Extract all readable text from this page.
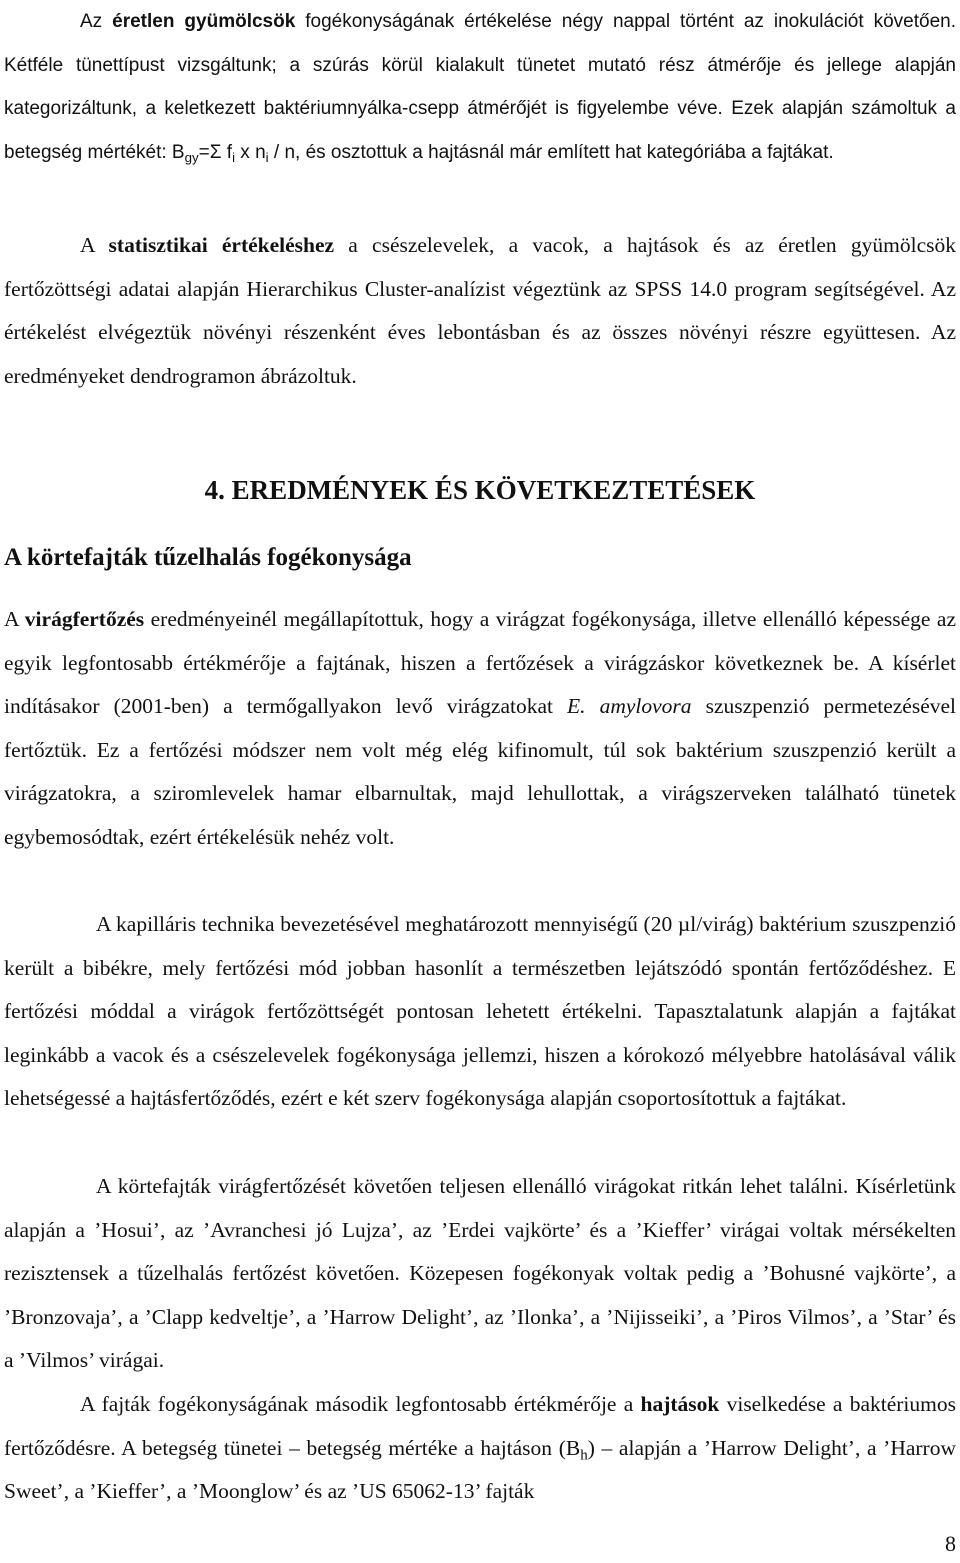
Az éretlen gyümölcsök fogékonyságának értékelése négy nappal történt az inokulációt követően. Kétféle tünettípust vizsgáltunk; a szúrás körül kialakult tünetet mutató rész átmérője és jellege alapján kategorizáltunk, a keletkezett baktériumnyálka-csepp átmérőjét is figyelembe véve. Ezek alapján számoltuk a betegség mértékét: $B_{gy}=\Sigma$ $f_i$ x $n_i$ / n, és osztottuk a hajtásnál már említett hat kategóriába a fajtákat.

A statisztikai értékeléshez a csészelevelek, a vacok, a hajtások és az éretlen gyümölcsök fertőzöttségi adatai alapján Hierarchikus Cluster-analízist végeztünk az SPSS 14.0 program segítségével. Az értékelést elvégeztük növényi részenként éves lebontásban és az összes növényi részre együttesen. Az eredményeket dendrogramon ábrázoltuk.

4. EREDMÉNYEK ÉS KÖVETKEZTETÉSEK
A körtefajták tűzelhalás fogékonysága

A virágfertőzés eredményeinél megállapítottuk, hogy a virágzat fogékonysága, illetve ellenálló képessége az egyik legfontosabb értékmérője a fajtának, hiszen a fertőzések a virágzáskor következnek be. A kísérlet indításakor (2001-ben) a termőgallyakon levő virágzatokat E. amylovora szuszpenzió permetezésével fertőztük. Ez a fertőzési módszer nem volt még elég kifinomult, túl sok baktérium szuszpenzió került a virágzatokra, a sziromlevelek hamar elbarnultak, majd lehullottak, a virágszerveken található tünetek egybemosódtak, ezért értékelésük nehéz volt.

A kapilláris technika bevezetésével meghatározott mennyiségű (20 µl/virág) baktérium szuszpenzió került a bibékre, mely fertőzési mód jobban hasonlít a természetben lejátszódó spontán fertőződéshez. E fertőzési móddal a virágok fertőzöttségét pontosan lehetett értékelni. Tapasztalatunk alapján a fajtákat leginkább a vacok és a csészelevelek fogékonysága jellemzi, hiszen a kórokozó mélyebbre hatolásával válik lehetségessé a hajtásfertőződés, ezért e két szerv fogékonysága alapján csoportosítottuk a fajtákat.

A körtefajták virágfertőzését követően teljesen ellenálló virágokat ritkán lehet találni. Kísérletünk alapján a ’Hosui’, az ’Avranchesi jó Lujza’, az ’Erdei vajkörte’ és a ’Kieffer’ virágai voltak mérsékelten rezisztensek a tűzelhalás fertőzést követően. Közepesen fogékonyak voltak pedig a ’Bohusné vajkörte’, a ’Bronzovaja’, a ’Clapp kedveltje’, a ’Harrow Delight’, az ’Ilonka’, a ’Nijisseiki’, a ’Piros Vilmos’, a ’Star’ és a ’Vilmos’ virágai.

A fajták fogékonyságának második legfontosabb értékmérője a hajtások viselkedése a baktériumos fertőződésre. A betegség tünetei – betegség mértéke a hajtáson $(B_h)$ – alapján a ’Harrow Delight’, a ’Harrow Sweet’, a ’Kieffer’, a ’Moonglow’ és az ’US 65062-13’ fajták

8
